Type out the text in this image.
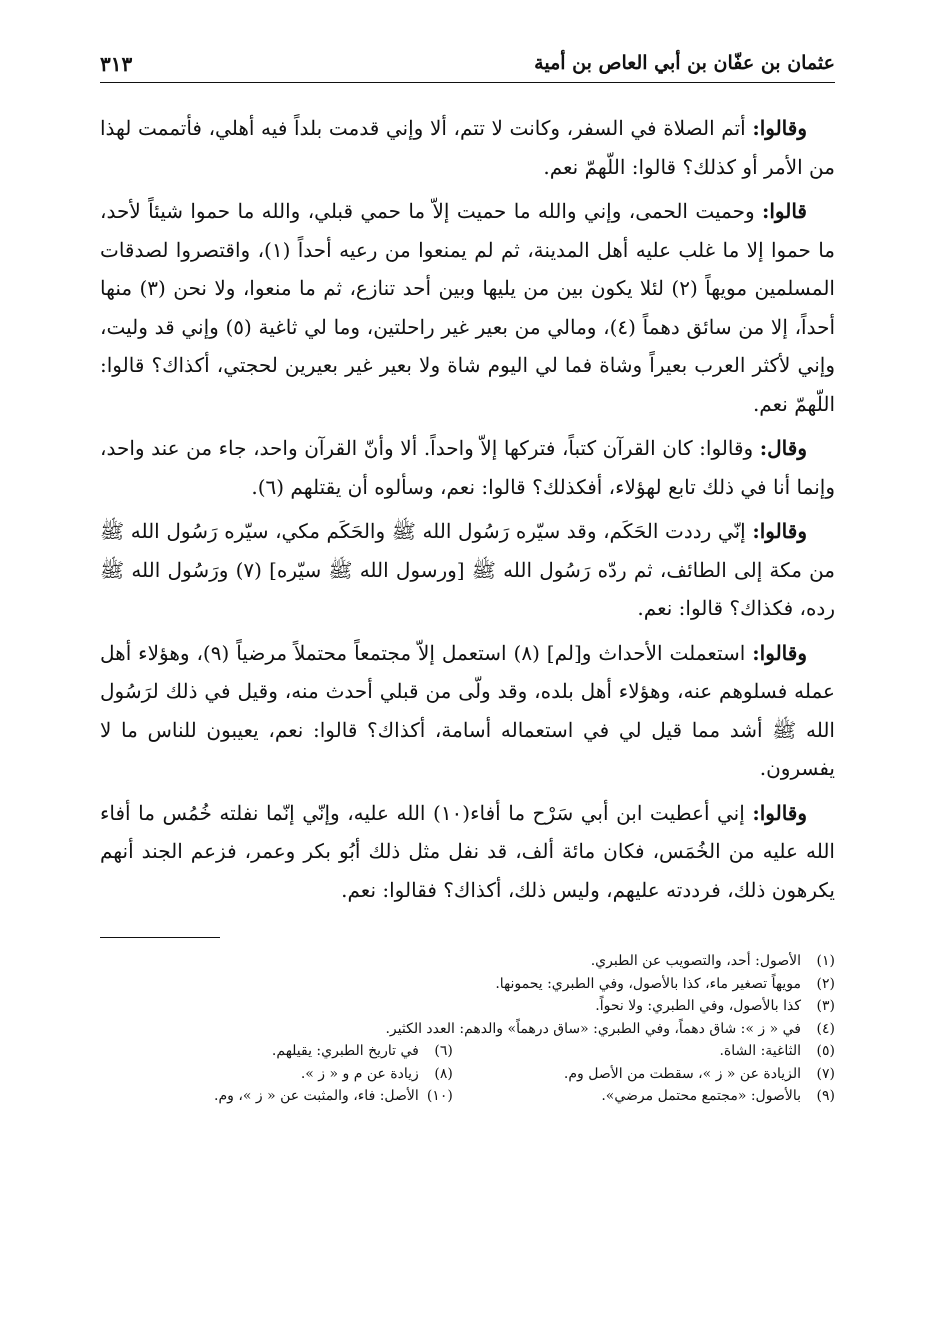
عثمان بن عفّان بن أبي العاص بن أمية
٣١٣

وقالوا: أتم الصلاة في السفر، وكانت لا تتم، ألا وإني قدمت بلداً فيه أهلي، فأتممت لهذا من الأمر أو كذلك؟ قالوا: اللّهمّ نعم.

قالوا: وحميت الحمى، وإني والله ما حميت إلاّ ما حمي قبلي، والله ما حموا شيئاً لأحد، ما حموا إلا ما غلب عليه أهل المدينة، ثم لم يمنعوا من رعيه أحداً (١)، واقتصروا لصدقات المسلمين مويهاً (٢) لئلا يكون بين من يليها وبين أحد تنازع، ثم ما منعوا، ولا نحن (٣) منها أحداً، إلا من سائق دهماً (٤)، ومالي من بعير غير راحلتين، وما لي ثاغية (٥) وإني قد وليت، وإني لأكثر العرب بعيراً وشاة فما لي اليوم شاة ولا بعير غير بعيرين لحجتي، أكذاك؟ قالوا: اللّهمّ نعم.

وقال: وقالوا: كان القرآن كتباً، فتركها إلاّ واحداً. ألا وأنّ القرآن واحد، جاء من عند واحد، وإنما أنا في ذلك تابع لهؤلاء، أفكذلك؟ قالوا: نعم، وسألوه أن يقتلهم (٦).

وقالوا: إنّي رددت الحَكَم، وقد سيّره رَسُول الله ﷺ والحَكَم مكي، سيّره رَسُول الله ﷺ من مكة إلى الطائف، ثم ردّه رَسُول الله ﷺ [ورسول الله ﷺ سيّره] (٧) ورَسُول الله ﷺ رده، فكذاك؟ قالوا: نعم.

وقالوا: استعملت الأحداث و[لم] (٨) استعمل إلاّ مجتمعاً محتملاً مرضياً (٩)، وهؤلاء أهل عمله فسلوهم عنه، وهؤلاء أهل بلده، وقد ولّى من قبلي أحدث منه، وقيل في ذلك لرَسُول الله ﷺ أشد مما قيل لي في استعماله أسامة، أكذاك؟ قالوا: نعم، يعيبون للناس ما لا يفسرون.

وقالوا: إني أعطيت ابن أبي سَرْح ما أفاء(١٠) الله عليه، وإنّي إنّما نفلته خُمُس ما أفاء الله عليه من الخُمَس، فكان مائة ألف، قد نفل مثل ذلك أبُو بكر وعمر، فزعم الجند أنهم يكرهون ذلك، فرددته عليهم، وليس ذلك، أكذاك؟ فقالوا: نعم.

(١)الأصول: أحد، والتصويب عن الطبري.
(٢)مويهاً تصغير ماء، كذا بالأصول، وفي الطبري: يحمونها.
(٣)كذا بالأصول، وفي الطبري: ولا نحواً.
(٤)في « ز »: شاق دهماً، وفي الطبري: «ساق درهماً» والدهم: العدد الكثير.
(٥)الثاغية: الشاة.
(٦)في تاريخ الطبري: يقيلهم.
(٧)الزيادة عن « ز »، سقطت من الأصل وم.
(٨)زيادة عن م و « ز ».
(٩)بالأصول: «مجتمع محتمل مرضي».
(١٠)الأصل: فاء، والمثبت عن « ز »، وم.
